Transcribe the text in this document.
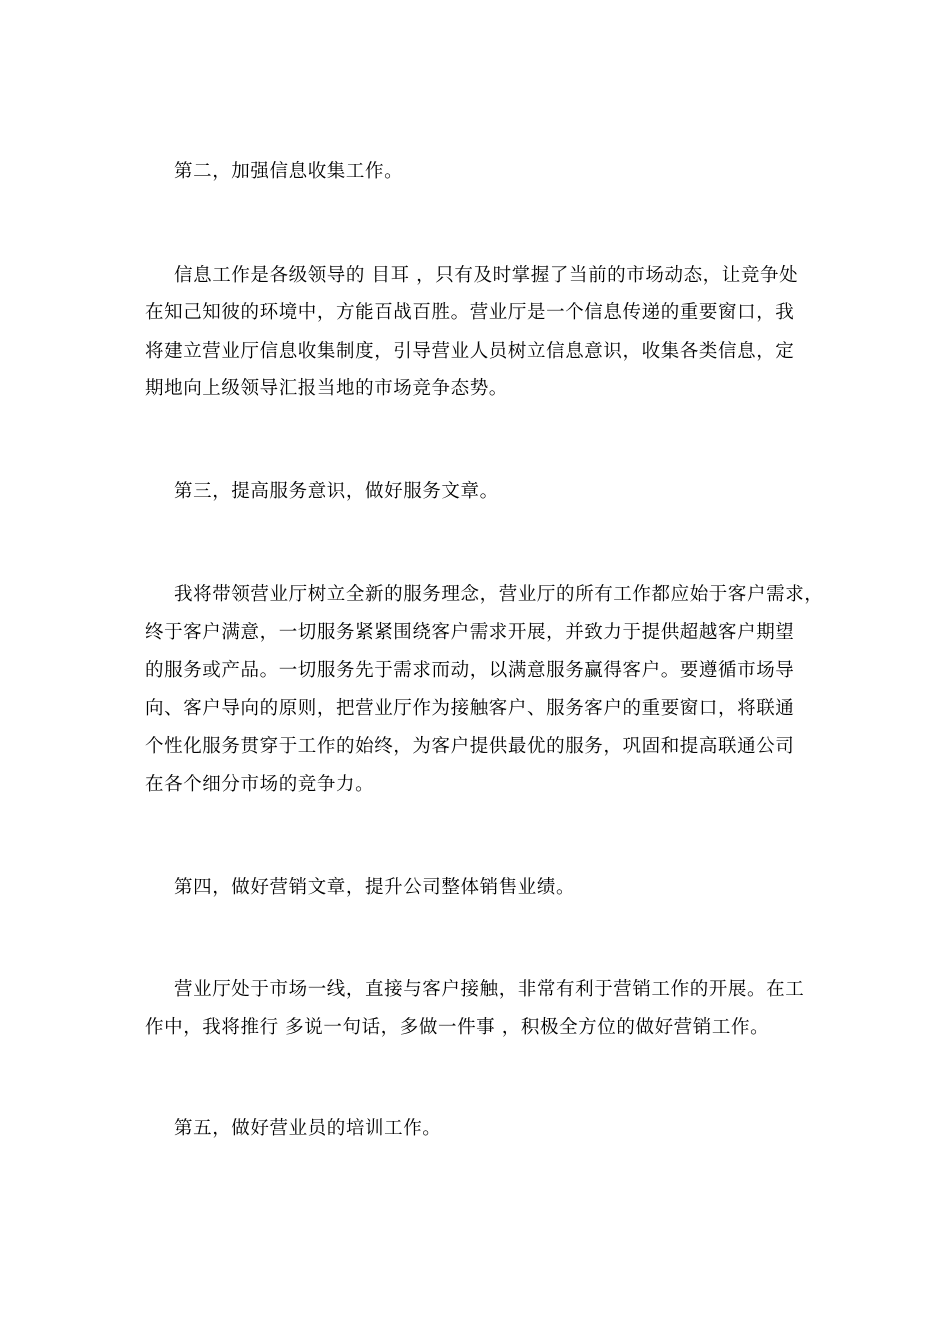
第二，加强信息收集工作。

信息工作是各级领导的 目耳 ，只有及时掌握了当前的市场动态，让竞争处

在知己知彼的环境中，方能百战百胜。营业厅是一个信息传递的重要窗口，我

将建立营业厅信息收集制度，引导营业人员树立信息意识，收集各类信息，定

期地向上级领导汇报当地的市场竞争态势。

第三，提高服务意识，做好服务文章。

我将带领营业厅树立全新的服务理念，营业厅的所有工作都应始于客户需求，

终于客户满意，一切服务紧紧围绕客户需求开展，并致力于提供超越客户期望

的服务或产品。一切服务先于需求而动，以满意服务赢得客户。要遵循市场导

向、客户导向的原则，把营业厅作为接触客户、服务客户的重要窗口，将联通

个性化服务贯穿于工作的始终，为客户提供最优的服务，巩固和提高联通公司

在各个细分市场的竞争力。

第四，做好营销文章，提升公司整体销售业绩。

营业厅处于市场一线，直接与客户接触，非常有利于营销工作的开展。在工

作中，我将推行 多说一句话，多做一件事 ，积极全方位的做好营销工作。

第五，做好营业员的培训工作。
